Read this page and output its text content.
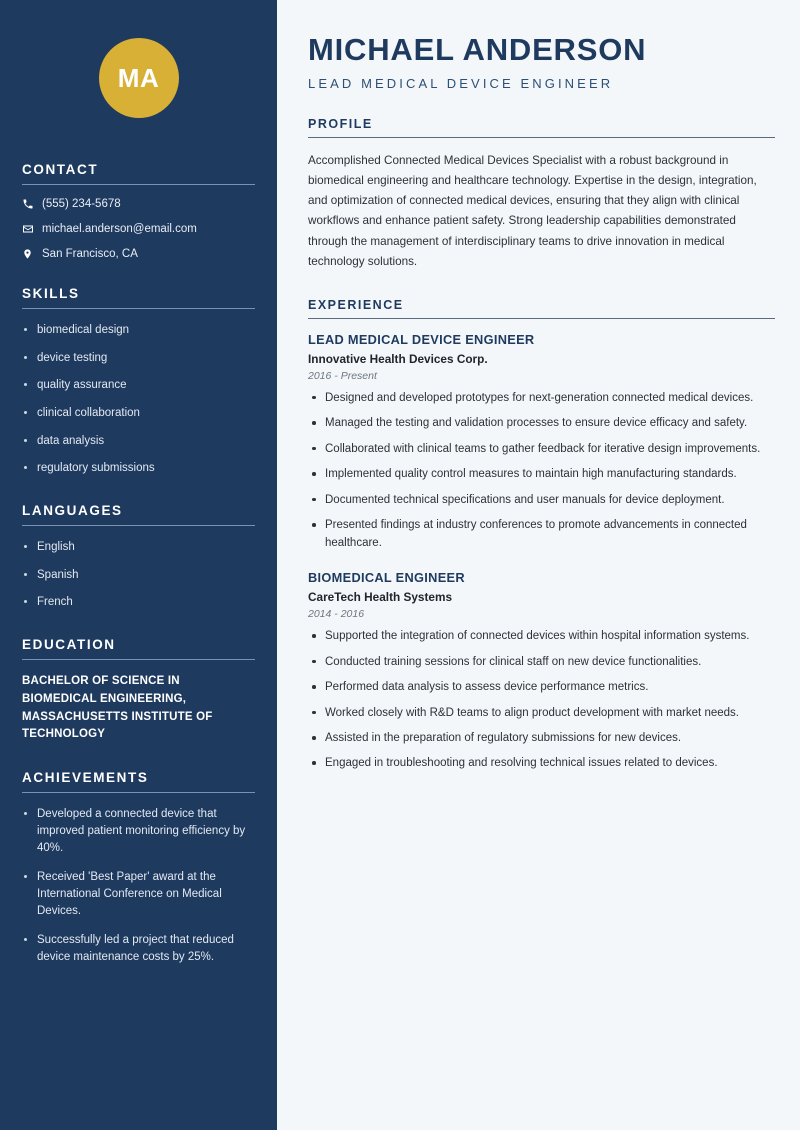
MA
CONTACT
(555) 234-5678
michael.anderson@email.com
San Francisco, CA
SKILLS
biomedical design
device testing
quality assurance
clinical collaboration
data analysis
regulatory submissions
LANGUAGES
English
Spanish
French
EDUCATION
BACHELOR OF SCIENCE IN BIOMEDICAL ENGINEERING, MASSACHUSETTS INSTITUTE OF TECHNOLOGY
ACHIEVEMENTS
Developed a connected device that improved patient monitoring efficiency by 40%.
Received 'Best Paper' award at the International Conference on Medical Devices.
Successfully led a project that reduced device maintenance costs by 25%.
MICHAEL ANDERSON
LEAD MEDICAL DEVICE ENGINEER
PROFILE

Accomplished Connected Medical Devices Specialist with a robust background in biomedical engineering and healthcare technology. Expertise in the design, integration, and optimization of connected medical devices, ensuring that they align with clinical workflows and enhance patient safety. Strong leadership capabilities demonstrated through the management of interdisciplinary teams to drive innovation in medical technology solutions.

EXPERIENCE
LEAD MEDICAL DEVICE ENGINEER
Innovative Health Devices Corp.
2016 - Present
Designed and developed prototypes for next-generation connected medical devices.
Managed the testing and validation processes to ensure device efficacy and safety.
Collaborated with clinical teams to gather feedback for iterative design improvements.
Implemented quality control measures to maintain high manufacturing standards.
Documented technical specifications and user manuals for device deployment.
Presented findings at industry conferences to promote advancements in connected healthcare.
BIOMEDICAL ENGINEER
CareTech Health Systems
2014 - 2016
Supported the integration of connected devices within hospital information systems.
Conducted training sessions for clinical staff on new device functionalities.
Performed data analysis to assess device performance metrics.
Worked closely with R&D teams to align product development with market needs.
Assisted in the preparation of regulatory submissions for new devices.
Engaged in troubleshooting and resolving technical issues related to devices.
